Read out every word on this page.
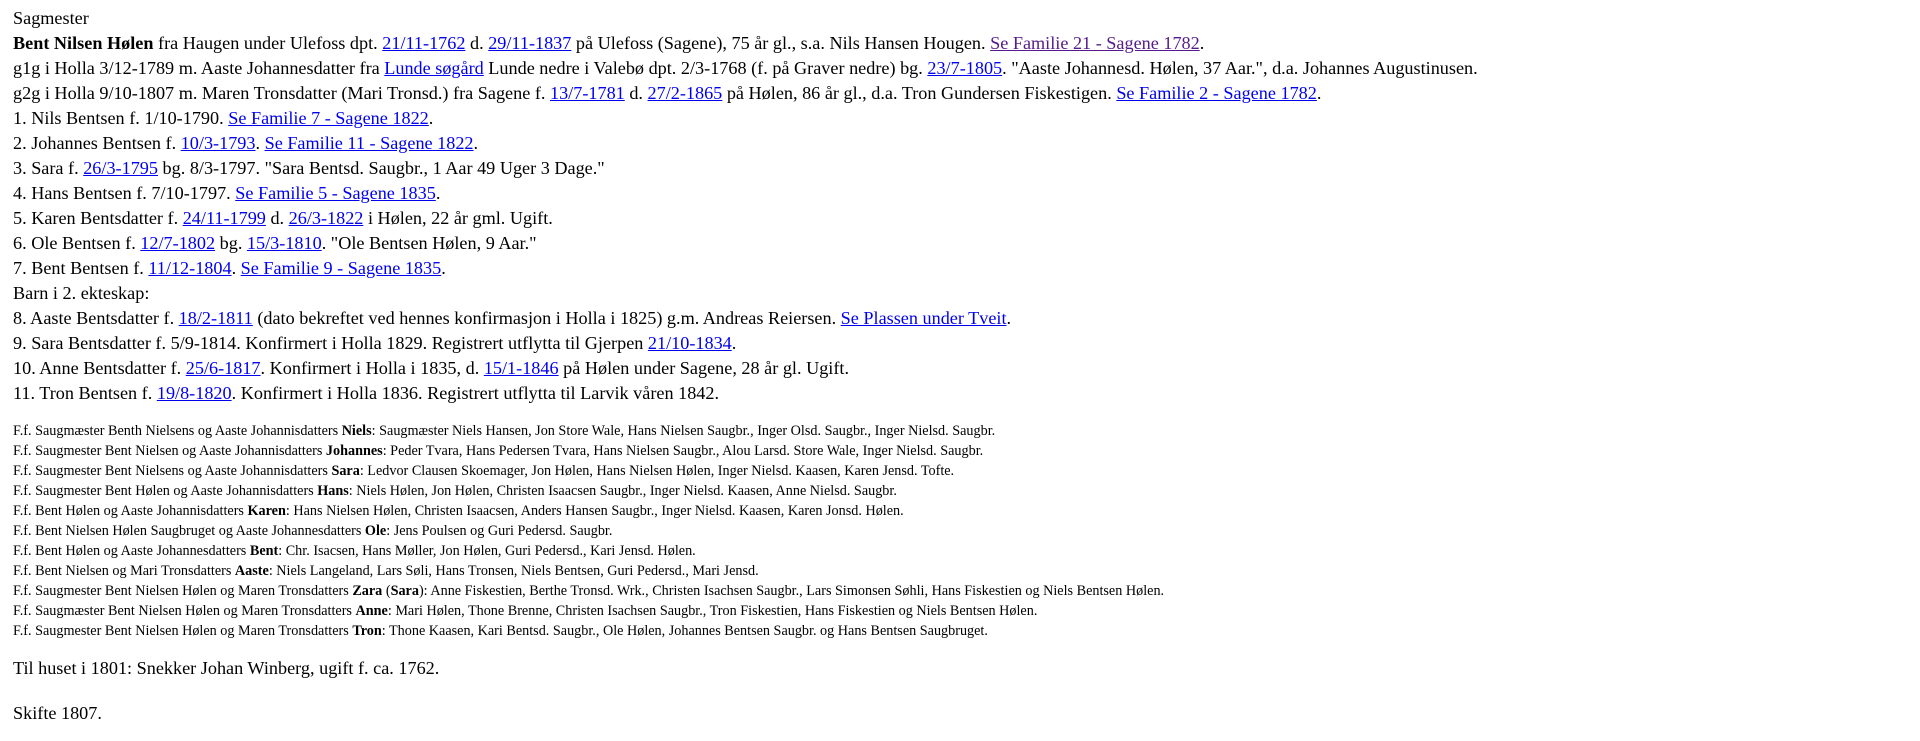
Sagmester

Bent Nilsen Hølen fra Haugen under Ulefoss dpt. 21/11-1762 d. 29/11-1837 på Ulefoss (Sagene), 75 år gl., s.a. Nils Hansen Hougen. Se Familie 21 - Sagene 1782.

g1g i Holla 3/12-1789 m. Aaste Johannesdatter fra Lunde søgård Lunde nedre i Valebø dpt. 2/3-1768 (f. på Graver nedre) bg. 23/7-1805. "Aaste Johannesd. Hølen, 37 Aar.", d.a. Johannes Augustinusen.

g2g i Holla 9/10-1807 m. Maren Tronsdatter (Mari Tronsd.) fra Sagene f. 13/7-1781 d. 27/2-1865 på Hølen, 86 år gl., d.a. Tron Gundersen Fiskestigen. Se Familie 2 - Sagene 1782.

1. Nils Bentsen f. 1/10-1790. Se Familie 7 - Sagene 1822.

2. Johannes Bentsen f. 10/3-1793. Se Familie 11 - Sagene 1822.

3. Sara f. 26/3-1795 bg. 8/3-1797. "Sara Bentsd. Saugbr., 1 Aar 49 Uger 3 Dage."

4. Hans Bentsen f. 7/10-1797. Se Familie 5 - Sagene 1835.

5. Karen Bentsdatter f. 24/11-1799 d. 26/3-1822 i Hølen, 22 år gml. Ugift.

6. Ole Bentsen f. 12/7-1802 bg. 15/3-1810. "Ole Bentsen Hølen, 9 Aar."

7. Bent Bentsen f. 11/12-1804. Se Familie 9 - Sagene 1835.

Barn i 2. ekteskap:

8. Aaste Bentsdatter f. 18/2-1811 (dato bekreftet ved hennes konfirmasjon i Holla i 1825) g.m. Andreas Reiersen. Se Plassen under Tveit.

9. Sara Bentsdatter f. 5/9-1814. Konfirmert i Holla 1829. Registrert utflytta til Gjerpen 21/10-1834.

10. Anne Bentsdatter f. 25/6-1817. Konfirmert i Holla i 1835, d. 15/1-1846 på Hølen under Sagene, 28 år gl. Ugift.

11. Tron Bentsen f. 19/8-1820. Konfirmert i Holla 1836. Registrert utflytta til Larvik våren 1842.

F.f. Saugmæster Benth Nielsens og Aaste Johannisdatters Niels: Saugmæster Niels Hansen, Jon Store Wale, Hans Nielsen Saugbr., Inger Olsd. Saugbr., Inger Nielsd. Saugbr.

F.f. Saugmester Bent Nielsen og Aaste Johannisdatters Johannes: Peder Tvara, Hans Pedersen Tvara, Hans Nielsen Saugbr., Alou Larsd. Store Wale, Inger Nielsd. Saugbr.

F.f. Saugmester Bent Nielsens og Aaste Johannisdatters Sara: Ledvor Clausen Skoemager, Jon Hølen, Hans Nielsen Hølen, Inger Nielsd. Kaasen, Karen Jensd. Tofte.

F.f. Saugmester Bent Hølen og Aaste Johannisdatters Hans: Niels Hølen, Jon Hølen, Christen Isaacsen Saugbr., Inger Nielsd. Kaasen, Anne Nielsd. Saugbr.

F.f. Bent Hølen og Aaste Johannisdatters Karen: Hans Nielsen Hølen, Christen Isaacsen, Anders Hansen Saugbr., Inger Nielsd. Kaasen, Karen Jonsd. Hølen.

F.f. Bent Nielsen Hølen Saugbruget og Aaste Johannesdatters Ole: Jens Poulsen og Guri Pedersd. Saugbr.

F.f. Bent Hølen og Aaste Johannesdatters Bent: Chr. Isacsen, Hans Møller, Jon Hølen, Guri Pedersd., Kari Jensd. Hølen.

F.f. Bent Nielsen og Mari Tronsdatters Aaste: Niels Langeland, Lars Søli, Hans Tronsen, Niels Bentsen, Guri Pedersd., Mari Jensd.

F.f. Saugmester Bent Nielsen Hølen og Maren Tronsdatters Zara (Sara): Anne Fiskestien, Berthe Tronsd. Wrk., Christen Isachsen Saugbr., Lars Simonsen Søhli, Hans Fiskestien og Niels Bentsen Hølen.

F.f. Saugmæster Bent Nielsen Hølen og Maren Tronsdatters Anne: Mari Hølen, Thone Brenne, Christen Isachsen Saugbr., Tron Fiskestien, Hans Fiskestien og Niels Bentsen Hølen.

F.f. Saugmester Bent Nielsen Hølen og Maren Tronsdatters Tron: Thone Kaasen, Kari Bentsd. Saugbr., Ole Hølen, Johannes Bentsen Saugbr. og Hans Bentsen Saugbruget.

Til huset i 1801: Snekker Johan Winberg, ugift f. ca. 1762.

Skifte 1807.
